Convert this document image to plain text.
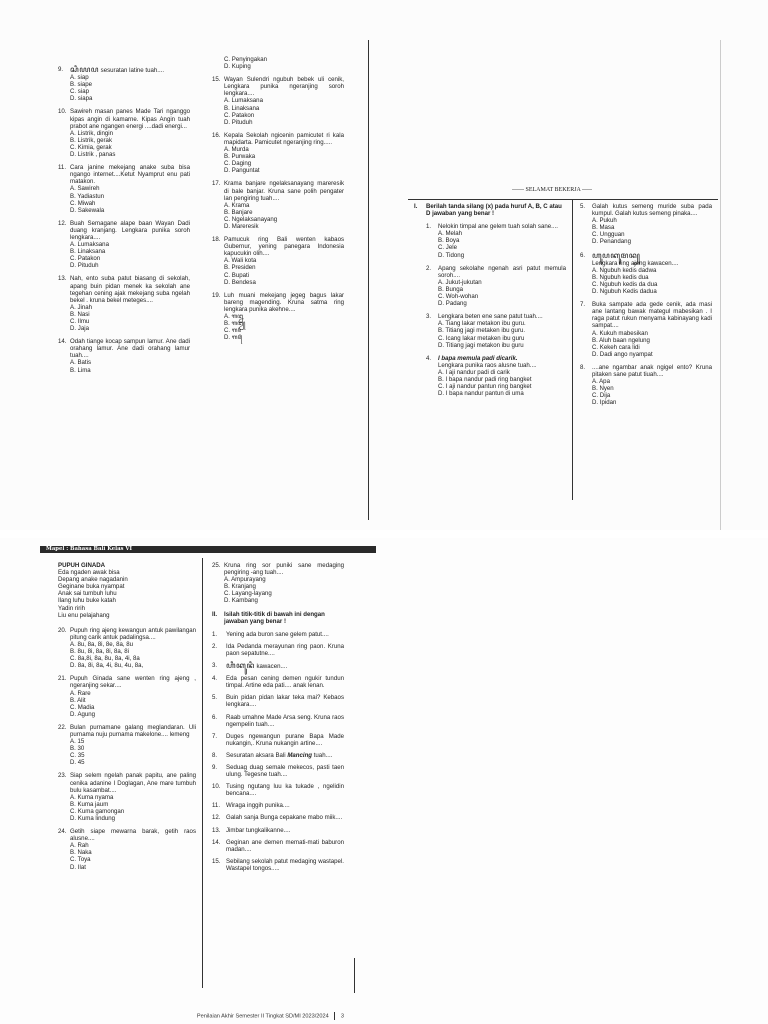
9. ꦱꦶꦪꦥ sesuratan latine tuah....
A. siap
B. siape
C. siap
D. siapa
10. Sawireh masan panes Made Tari nganggo kipas angin di kamarne. Kipas Angin tuah prabot ane ngangen energi ....dadi energi...
A. Listrik, dingin
B. Listrik, gerak
C. Kimia, gerak
D. Listrik , panas
11. Cara janine mekejang anake suba bisa ngango internet....Ketut Nyamprut enu pati matakon.
A. Sawireh
B. Yadiastun
C. Miwah
D. Sakewala
12. Buah Semagane alape baan Wayan Dadi duang kranjang. Lengkara punika soroh lengkara....
A. Lumaksana
B. Linaksana
C. Patakon
D. Pituduh
13. Nah, ento suba patut biasang di sekolah, apang buin pidan menek ka sekolah ane tegehan cening ajak mekejang suba ngelah bekel . kruna bekel meteges....
A. Jinah
B. Nasi
C. Ilmu
D. Jaja
14. Odah tiange kocap sampun lamur. Ane dadi orahang lamur. Ane dadi orahang lamur tuah....
A. Batis
B. Lima
C. Penyingakan
D. Kuping
15. Wayan Sulendri ngubuh bebek uli cenik, Lengkara punika ngeranjing soroh lengkara....
A. Lumaksana
B. Linaksana
C. Patakon
D. Pituduh
16. Kepala Sekolah ngicenin pamicutet ri kala mapidarta. Pamicutet ngeranjing ring.....
A. Murda
B. Purwaka
C. Daging
D. Panguntat
17. Krama banjare ngelaksanayang mareresik di bale banjar. Kruna sane polih pengater lan pengiring tuah....
A. Krama
B. Banjare
C. Ngelaksanayang
D. Mareresik
18. Pamucuk ring Bali wenten kabaos Gubernur, yening panegara Indonesia kapucukin olih....
A. Wali kota
B. Presiden
C. Bupati
D. Bendesa
19. Luh muani mekejang jegeg bagus lakar bareng magending. Kruna satma ring lengkara punika akehne....
A. ꧑꧒
B. ꧑꧓
C. ꧑꧔
D. ꧑꧕
------ SELAMAT BEKERJA -----
I.	Berilah tanda silang (x) pada huruf A, B, C atau D jawaban yang benar !
1.	Nelokin timpal ane gelem tuah solah sane....
A. Melah
B. Boya
C. Jele
D. Tidong
2.	Apang sekolahe ngenah asri patut memula soroh....
A. Jukut-jukutan
B. Bunga
C. Woh-wohan
D. Padang
3.	Lengkara beten ene sane patut tuah....
A. Tiang lakar metakon ibu guru.
B. Titiang jagi metaken ibu guru.
C. Icang lakar metaken ibu guru
D. Titiang jagi metakon ibu guru
4.	I bapa memula padi dicarik.
Lengkara punika raos alusne tuah....
A. I aji nandur padi di carik
B. I bapa nandur padi ring bangket
C. I aji nandur pantun ring bangket
D. I bapa nandur pantun di uma
5.	Galah kutus semeng muride suba pada kumpul. Galah kutus semeng pinaka....
A. Pukuh
B. Masa
C. Ungguan
D. Penandang
6. ꦲꦸꦥꦏꦸꦩꦤ꧀
Lengkara ring ajeng kawacen....
A. Ngubuh kedis dadwa
B. Ngubuh kedis dua
C. Ngubuh kedis da dua
D. Ngubuh Kedis dadua
7.	Buka sampate ada gede cenik, ada masi ane lantang bawak mategul mabesikan . I raga patut rukun menyama kabinayang kadi sampat....
A. Kukuh mabesikan
B. Aluh baan ngelung
C. Kekeh cara lidi
D. Dadi ango nyampat
8.	....ane ngambar anak ngigel ento? Kruna pitaken sane patut tiuah....
A. Apa
B. Nyen
C. Dija
D. Ipidan
Mapel : Bahasa Bali Kelas VI
PUPUH GINADA
Eda ngaden awak bisa
Depang anake nagadanin
Geginane buka nyampat
Anak sai tumbuh luhu
Ilang luhu buke katah
Yadin ririh
Liu enu pelajahang
20. Pupuh ring ajeng kewangun antuk pawilangan pitung carik antuk padalingsa....
A. 8u, 8a, 8i, 8e, 8a, 8u
B. 8u, 8i, 8a, 8i, 8a, 8i
C. 8a,8i, 8a, 8u, 8a, 4i, 8a
D. 8a, 8i, 8a, 4i, 8u, 4u, 8a,
21. Pupuh Ginada sane wenten ring ajeng , ngeranjing sekar....
A. Rare
B. Alit
C. Madia
D. Agung
22. Bulan purnamane galang meglandaran. Uli purnama nuju purnama makelone.... lemeng
A. 15
B. 30
C. 35
D. 45
23. Siap selem ngelah panak papitu, ane paling cenika adanine I Doglagan, Ane mare tumbuh bulu kasambat....
A. Kuma nyama
B. Kuma jaum
C. Kuma gamongan
D. Kuma lindung
24. Getih siape mewarna barak, getih raos alusne....
A. Rah
B. Naka
C. Toya
D. Ilat
25. Kruna ring sor puniki sane medaging pengiring -ang tuah....
A. Ampurayang
B. Kranjang
C. Layang-layang
D. Kambang
II.	Isilah titik-titik di bawah ini dengan jawaban yang benar !
1.	Yening ada buron sane gelem patut....
2.	Ida Pedanda merayunan ring paon. Kruna paon sepatutne....
3.	ꦲꦶꦏꦸꦤꦶ kawacen....
4.	Eda pesan cening demen ngukir tundun timpal. Artine eda pati.... anak lenan.
5.	Buin pidan pidan lakar teka mai? Kebaos lengkara....
6.	Raab umahne Made Arsa seng. Kruna raos ngempelin tuah....
7.	Duges ngewangun purane Bapa Made nukangin,. Kruna nukangin artine....
8.	Sesuratan aksara Bali Mancing tuah....
9.	Seduag duag semale mekecos, pasti taen ulung. Tegesne tuah....
10. Tusing ngutang luu ka tukade , ngelidin bencana....
11. Wiraga inggih punika....
12. Galah sanja Bunga cepakane mabo miik....
13. Jimbar tungkalikanne....
14. Geginan ane demen memati-mati baburon madan....
15. Sebilang sekolah patut medaging wastapel. Wastapel tongos.....
Penilaian Akhir Semester II Tingkat SD/MI 2023/2024 3
